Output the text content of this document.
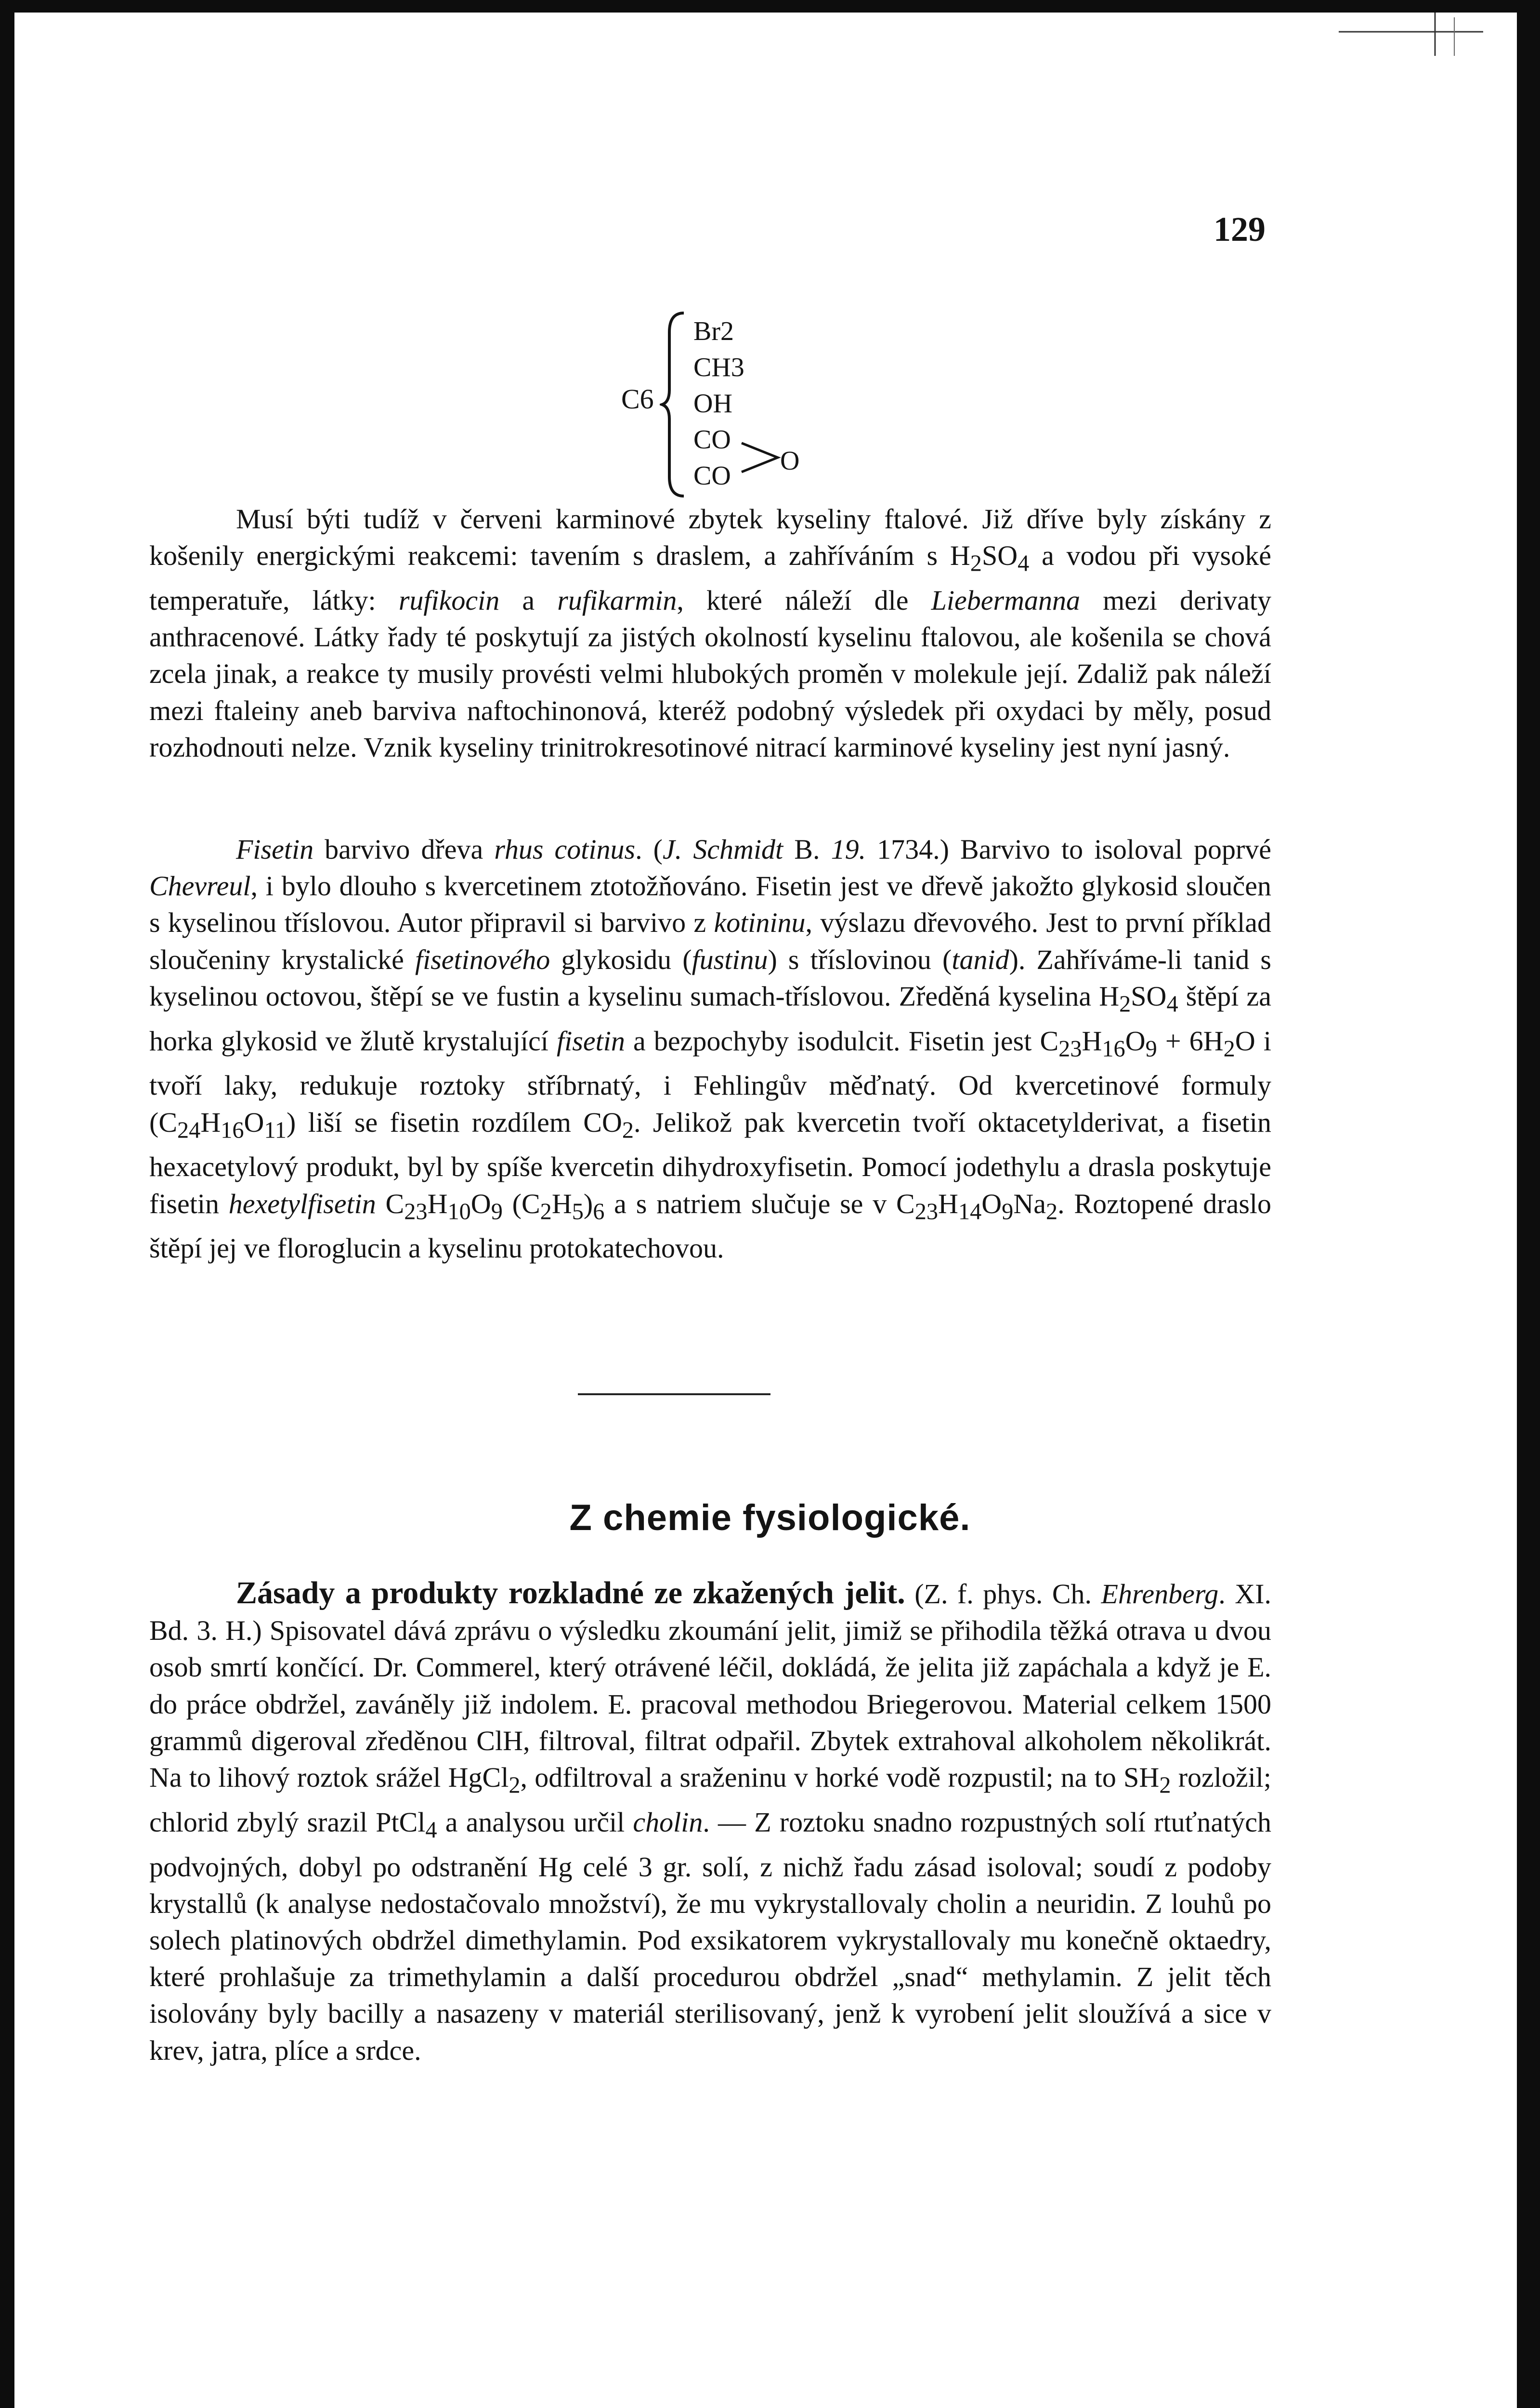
129
C6
Br2
CH3
OH
CO
CO O

Musí býti tudíž v červeni karminové zbytek kyseliny ftalové. Již dříve byly získány z košenily energickými reakcemi: tavením s draslem, a zahříváním s $H_2SO_4$ a vodou při vysoké temperatuře, látky: rufikocin a rufikarmin, které náleží dle Liebermanna mezi derivaty anthracenové. Látky řady té poskytují za jistých okolností kyselinu ftalovou, ale košenila se chová zcela jinak, a reakce ty musily provésti velmi hlubokých proměn v molekule její. Zdaliž pak náleží mezi ftaleiny aneb barviva naftochinonová, kteréž podobný výsledek při oxydaci by měly, posud rozhodnouti nelze. Vznik kyseliny trinitrokresotinové nitrací karminové kyseliny jest nyní jasný.

Fisetin barvivo dřeva rhus cotinus. (J. Schmidt B. 19. 1734.) Barvivo to isoloval poprvé Chevreul, i bylo dlouho s kvercetinem ztotožňováno. Fisetin jest ve dřevě jakožto glykosid sloučen s kyselinou tříslovou. Autor připravil si barvivo z kotininu, výslazu dřevového. Jest to první příklad sloučeniny krystalické fisetinového glykosidu (fustinu) s tříslovinou (tanid). Zahříváme-li tanid s kyselinou octovou, štěpí se ve fustin a kyselinu sumach-tříslovou. Zředěná kyselina $H_2SO_4$ štěpí za horka glykosid ve žlutě krystalující fisetin a bezpochyby isodulcit. Fisetin jest $C_{23}H_{16}O_9 + 6H_2O$ i tvoří laky, redukuje roztoky stříbrnatý, i Fehlingův měďnatý. Od kvercetinové formuly $(C_{24}H_{16}O_{11})$ liší se fisetin rozdílem $CO_2$. Jelikož pak kvercetin tvoří oktacetylderivat, a fisetin hexacetylový produkt, byl by spíše kvercetin dihydroxyfisetin. Pomocí jodethylu a drasla poskytuje fisetin hexetylfisetin $C_{23}H_{10}O_9$ $(C_2H_5)_6$ a s natriem slučuje se v $C_{23}H_{14}O_9Na_2$. Roztopené draslo štěpí jej ve floroglucin a kyselinu protokatechovou.

Z chemie fysiologické.

Zásady a produkty rozkladné ze zkažených jelit. (Z. f. phys. Ch. Ehrenberg. XI. Bd. 3. H.) Spisovatel dává zprávu o výsledku zkoumání jelit, jimiž se přihodila těžká otrava u dvou osob smrtí končící. Dr. Commerel, který otrávené léčil, dokládá, že jelita již zapáchala a když je E. do práce obdržel, zaváněly již indolem. E. pracoval methodou Briegerovou. Material celkem 1500 grammů digeroval zředěnou ClH, filtroval, filtrat odpařil. Zbytek extrahoval alkoholem několikrát. Na to lihový roztok srážel HgCl$_2$, odfiltroval a sraženinu v horké vodě rozpustil; na to $SH_2$ rozložil; chlorid zbylý srazil PtCl$_4$ a analysou určil cholin. — Z roztoku snadno rozpustných solí rtuťnatých podvojných, dobyl po odstranění Hg celé 3 gr. solí, z nichž řadu zásad isoloval; soudí z podoby krystallů (k analyse nedostačovalo množství), že mu vykrystallovaly cholin a neuridin. Z louhů po solech platinových obdržel dimethylamin. Pod exsikatorem vykrystallovaly mu konečně oktaedry, které prohlašuje za trimethylamin a další procedurou obdržel „snad“ methylamin. Z jelit těch isolovány byly bacilly a nasazeny v materiál sterilisovaný, jenž k vyrobení jelit sloužívá a sice v krev, jatra, plíce a srdce.
